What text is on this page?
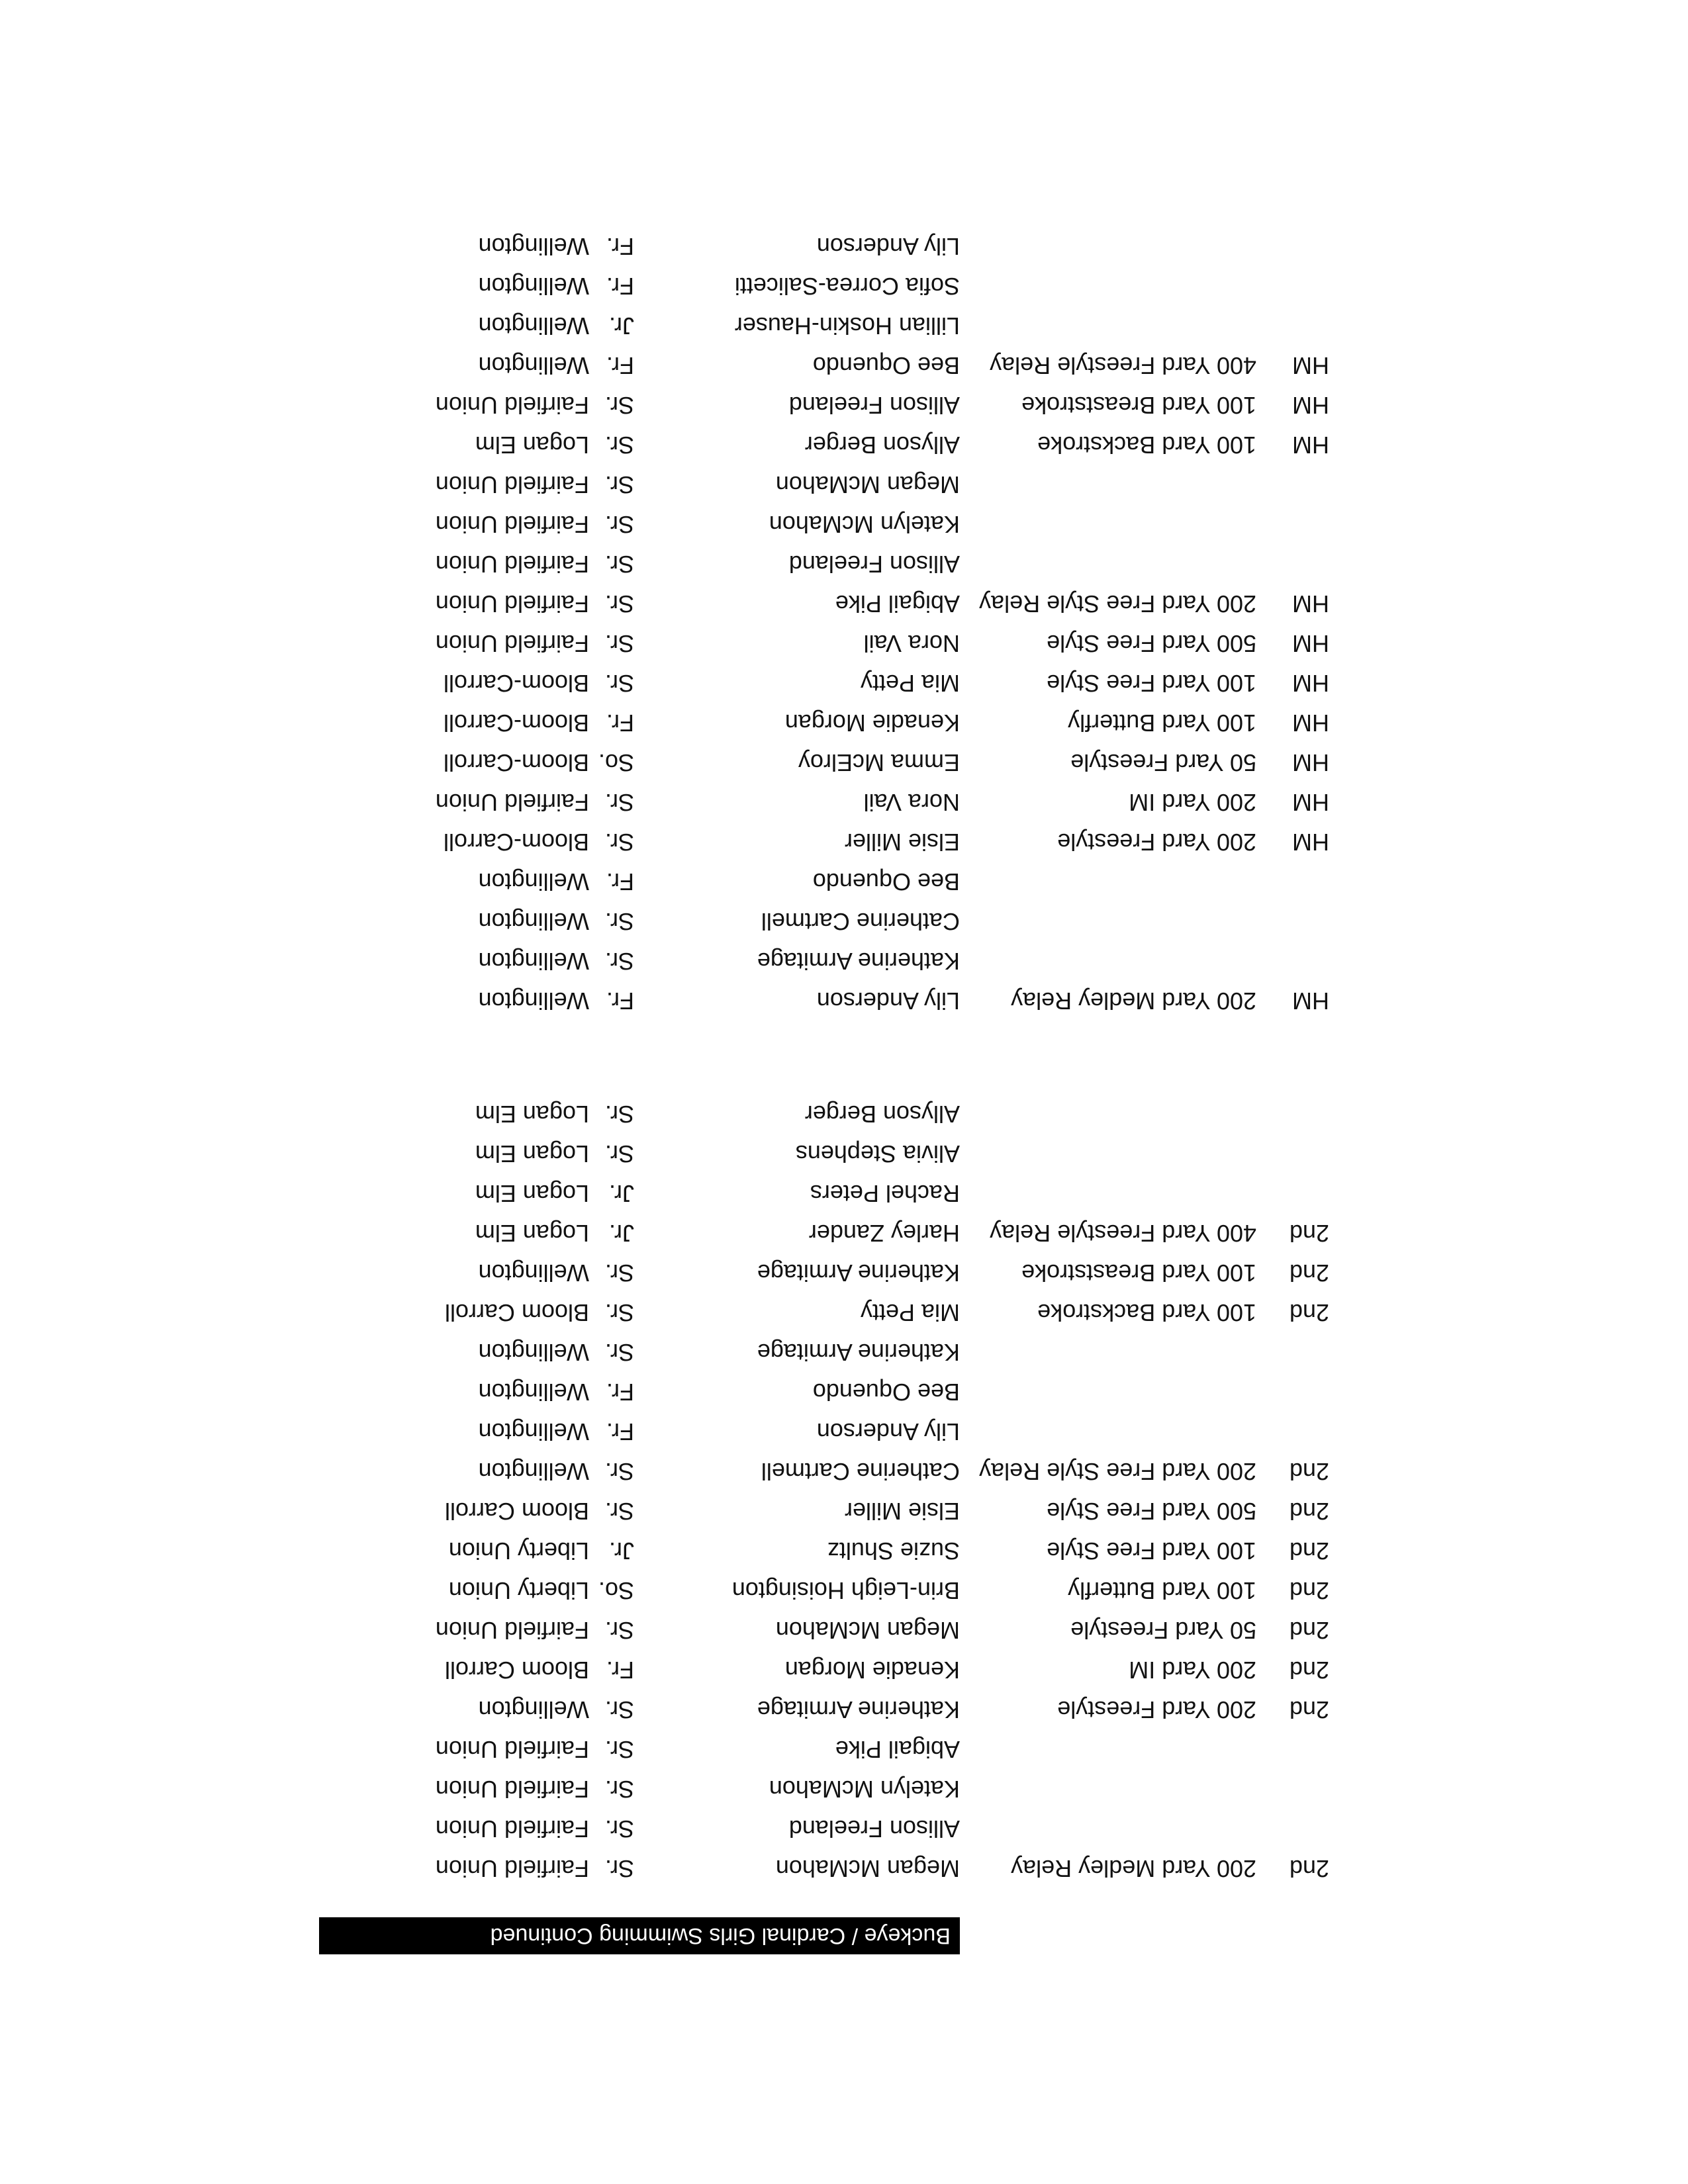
Buckeye / Cardinal Girls Swimming Continued
2nd
200 Yard Medley Relay
Megan McMahon
Sr.
Fairfield Union
Allison Freeland
Sr.
Fairfield Union
Katelyn McMahon
Sr.
Fairfield Union
Abigail Pike
Sr.
Fairfield Union
2nd
200 Yard Freestyle
Katherine Armitage
Sr.
Wellington
2nd
200 Yard IM
Kenadie Morgan
Fr.
Bloom Carroll
2nd
50 Yard Freestyle
Megan McMahon
Sr.
Fairfield Union
2nd
100 Yard Butterfly
Brin-Leigh Hoisington
So.
Liberty Union
2nd
100 Yard Free Style
Suzie Shultz
Jr.
Liberty Union
2nd
500 Yard Free Style
Elsie Miller
Sr.
Bloom Carroll
2nd
200 Yard Free Style Relay
Catherine Cartmell
Sr.
Wellington
Lily Anderson
Fr.
Wellington
Bee Oquendo
Fr.
Wellington
Katherine Armitage
Sr.
Wellington
2nd
100 Yard Backstroke
Mia Petty
Sr.
Bloom Carroll
2nd
100 Yard Breaststroke
Katherine Armitage
Sr.
Wellington
2nd
400 Yard Freestyle Relay
Harley Zander
Jr.
Logan Elm
Rachel Peters
Jr.
Logan Elm
Alivia Stephens
Sr.
Logan Elm
Allyson Berger
Sr.
Logan Elm
HM
200 Yard Medley Relay
Lily Anderson
Fr.
Wellington
Katherine Armitage
Sr.
Wellington
Catherine Cartmell
Sr.
Wellington
Bee Oquendo
Fr.
Wellington
HM
200 Yard Freestyle
Elsie Miller
Sr.
Bloom-Carroll
HM
200 Yard IM
Nora Vail
Sr.
Fairfield Union
HM
50 Yard Freestyle
Emma McElroy
So.
Bloom-Carroll
HM
100 Yard Butterfly
Kenadie Morgan
Fr.
Bloom-Carroll
HM
100 Yard Free Style
Mia Petty
Sr.
Bloom-Carroll
HM
500 Yard Free Style
Nora Vail
Sr.
Fairfield Union
HM
200 Yard Free Style Relay
Abigail Pike
Sr.
Fairfield Union
Allison Freeland
Sr.
Fairfield Union
Katelyn McMahon
Sr.
Fairfield Union
Megan McMahon
Sr.
Fairfield Union
HM
100 Yard Backstroke
Allyson Berger
Sr.
Logan Elm
HM
100 Yard Breaststroke
Allison Freeland
Sr.
Fairfield Union
HM
400 Yard Freestyle Relay
Bee Oquendo
Fr.
Wellington
Lillian Hoskin-Hauser
Jr.
Wellington
Sofia Correa-Salicetti
Fr.
Wellington
Lily Anderson
Fr.
Wellington
